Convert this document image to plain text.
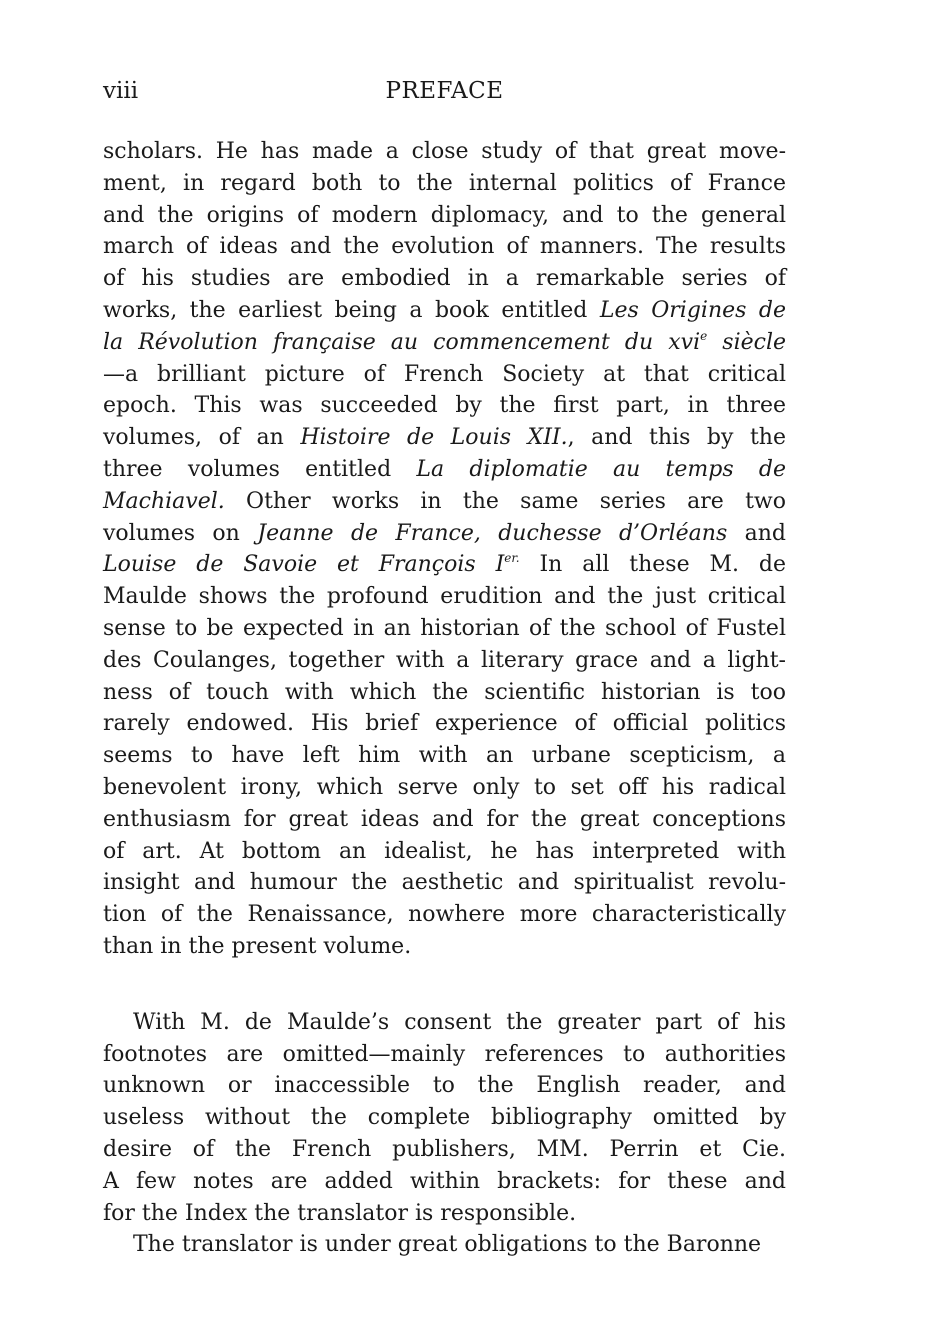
viii	PREFACE
scholars. He has made a close study of that great move-
ment, in regard both to the internal politics of France
and the origins of modern diplomacy, and to the general
march of ideas and the evolution of manners. The results
of his studies are embodied in a remarkable series of
works, the earliest being a book entitled Les Origines de
la Révolution française au commencement du xvi$^e$ siècle
—a brilliant picture of French Society at that critical
epoch. This was succeeded by the first part, in three
volumes, of an Histoire de Louis XII., and this by the
three volumes entitled La diplomatie au temps de
Machiavel. Other works in the same series are two
volumes on Jeanne de France, duchesse d’Orléans and
Louise de Savoie et François $I^{er.}$ In all these M. de
Maulde shows the profound erudition and the just critical
sense to be expected in an historian of the school of Fustel
des Coulanges, together with a literary grace and a light-
ness of touch with which the scientific historian is too
rarely endowed. His brief experience of official politics
seems to have left him with an urbane scepticism, a
benevolent irony, which serve only to set off his radical
enthusiasm for great ideas and for the great conceptions
of art. At bottom an idealist, he has interpreted with
insight and humour the aesthetic and spiritualist revolu-
tion of the Renaissance, nowhere more characteristically
than in the present volume.
With M. de Maulde’s consent the greater part of his
footnotes are omitted—mainly references to authorities
unknown or inaccessible to the English reader, and
useless without the complete bibliography omitted by
desire of the French publishers, MM. Perrin et Cie.
A few notes are added within brackets: for these and
for the Index the translator is responsible.
The translator is under great obligations to the Baronne
